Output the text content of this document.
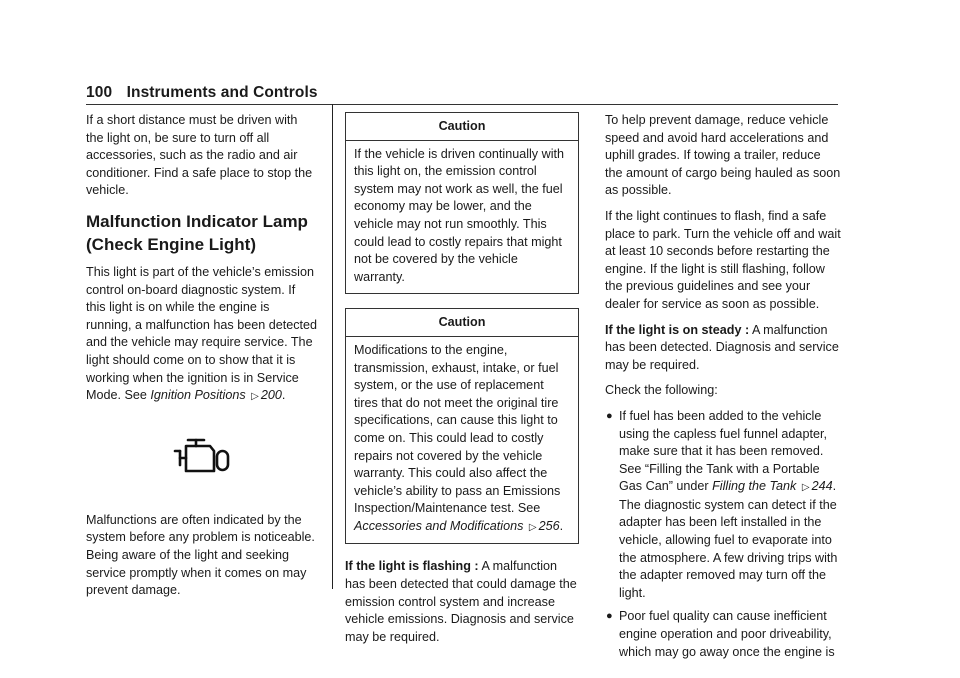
100 Instruments and Controls

If a short distance must be driven with the light on, be sure to turn off all accessories, such as the radio and air conditioner. Find a safe place to stop the vehicle.

Malfunction Indicator Lamp
(Check Engine Light)

This light is part of the vehicle’s emission control on-board diagnostic system. If this light is on while the engine is running, a malfunction has been detected and the vehicle may require service. The light should come on to show that it is working when the ignition is in Service Mode. See Ignition Positions ▷ 200.

Malfunctions are often indicated by the system before any problem is noticeable. Being aware of the light and seeking service promptly when it comes on may prevent damage.

Caution
If the vehicle is driven continually with this light on, the emission control system may not work as well, the fuel economy may be lower, and the vehicle may not run smoothly. This could lead to costly repairs that might not be covered by the vehicle warranty.
Caution
Modifications to the engine, transmission, exhaust, intake, or fuel system, or the use of replacement tires that do not meet the original tire specifications, can cause this light to come on. This could lead to costly repairs not covered by the vehicle warranty. This could also affect the vehicle’s ability to pass an Emissions Inspection/Maintenance test. See Accessories and Modifications ▷ 256.

If the light is flashing : A malfunction has been detected that could damage the emission control system and increase vehicle emissions. Diagnosis and service may be required.

To help prevent damage, reduce vehicle speed and avoid hard accelerations and uphill grades. If towing a trailer, reduce the amount of cargo being hauled as soon as possible.

If the light continues to flash, find a safe place to park. Turn the vehicle off and wait at least 10 seconds before restarting the engine. If the light is still flashing, follow the previous guidelines and see your dealer for service as soon as possible.

If the light is on steady : A malfunction has been detected. Diagnosis and service may be required.

Check the following:

● If fuel has been added to the vehicle using the capless fuel funnel adapter, make sure that it has been removed. See “Filling the Tank with a Portable Gas Can” under Filling the Tank ▷ 244. The diagnostic system can detect if the adapter has been left installed in the vehicle, allowing fuel to evaporate into the atmosphere. A few driving trips with the adapter removed may turn off the light.
● Poor fuel quality can cause inefficient engine operation and poor driveability, which may go away once the engine is
